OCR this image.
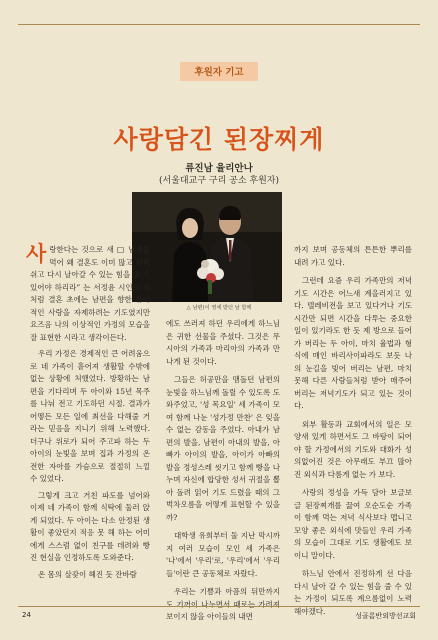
후원자 기고
사랑담긴 된장찌게
류진남 율리안나
(서울대교구 구리 공소 후원자)
△ 남편(이 영세 받던 날 함께

사랑한다는 것으로 새 □ 남생을 먹어 왜 결혼도 이미 많고 편히 쉬고 다시 날아갈 수 있는 힘을 줄 수 있어야 하리라” 는 서정윤 시인의 시처럼 결혼 초에는 남편을 향한 유아적인 사랑을 자제하려는 기도였지만 요즈음 나의 이상적인 가정의 모습을 잘 표현한 시라고 생각이든다.

우리 가정은 경제적인 큰 어려움으로 네 가족이 흩어져 생활할 수밖에 없는 상황에 처했었다. 방황하는 남편을 기다리며 두 아이와 15년 목주를 나눠 전고 기도하던 시절. 결과가 어떻든 모든 일에 최선을 다해줄 거라는 믿음을 지니기 위해 노력했다. 더구나 위로가 되어 주고파 하는 두 아이의 눈빛을 보며 집과 가정의 온전한 자아를 가슴으로 절절히 느낄 수 있었다.

그렇게 크고 거친 파도를 넘어와 이제 네 가족이 함께 식탁에 둘러 앉게 되었다. 두 아이는 다소 안정된 생활이 좋았던지 적응 못 해 하는 어미에게 스스럼 없이 친구를 데려와 빵진 현실을 인정하도록 도와준다.

온 몸의 살갗이 헤진 듯 잔바람

에도 쓰러져 하던 우리에게 하느님은 귀한 선물을 주셨다. 그것은 무시아의 가족과 마리아의 가족과 만나게 된 것이다.

그들은 허공만을 맴돌던 남편의 눈빛을 하느님께 돌릴 수 있도록 도와주었고, '성 목요일' 세 가족이 모여 함께 나눈 '성가정 만찬' 은 잊을 수 없는 감동을 주었다. 아내가 남편의 발을, 남편이 아내의 발을, 아빠가 아이의 발을, 아이가 아빠의 발을 정성스레 씻기고 함께 빵을 나누며 자신에 합당한 성서 귀절을 뽑아 돌려 읽어 기도 드렸을 때의 그 벅차오름을 어떻게 표현할 수 있을까?

대학생 유희부터 둘 지난 막시까지 여러 모습이 모인 세 가족은 '나'에서 '우리'로, '우리'에서 '우리들'이란 큰 공동체로 자랐다.

우리는 기쁨과 아픔의 뒤만까지도 기꺼이 나누면서 때로는 가려져 보이지 않을 아이들의 내면

까지 보며 공동체의 튼튼한 뿌리를 내려 가고 있다.

그런데 요즘 우리 가족만의 저녁 기도 시간은 어느새 계을러지고 있다. 텔레비전을 보고 있다거나 기도 시간만 되면 시간을 다투는 중요한 일이 있기라도 한 듯 제 방으로 들어가 버리는 두 아이, 마치 율법과 형식에 매인 바리사이파라도 보듯 나의 눈길을 빛어 버리는 남편, 마치 못해 다른 사람들처럼 받아 매주어 버리는 저녁기도가 되고 있는 것이다.

외부 활동과 교회에서의 일은 모양새 있게 하면서도 그 바탕이 되어야 할 가정에서의 기도와 대화가 성의없어진 것은 아무래도 부끄 많아진 외식과 다름게 없는 가 보다.

사랑의 정성을 가득 담아 보글보글 된장찌개를 끓여 오순도순 가족이 함께 먹는 저녁 식사보다 맵니고 모양 좋은 외식에 맛들인 우리 가족의 모습이 그대로 기도 생활에도 보이니 말이다.

하느님 안에서 진정하게 선 다음 다시 날아 갈 수 있는 힘을 줄 수 있는 가정이 되도록 계으름없이 노력해야겠다.

24	성골롬반외방선교회
